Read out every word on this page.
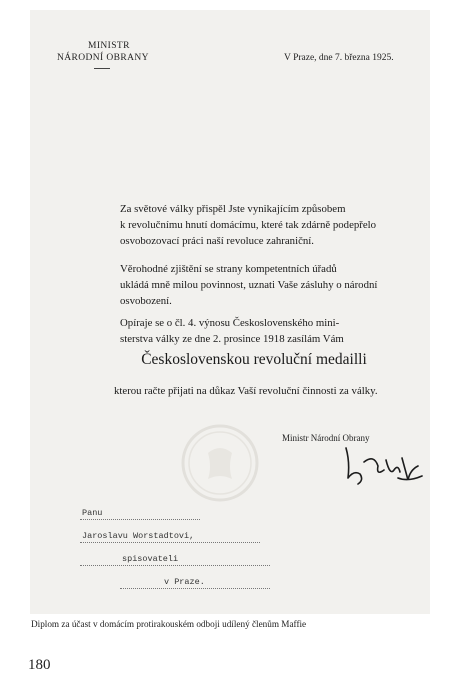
MINISTR
NÁRODNÍ OBRANY	V Praze, dne 7. března 1925.
Za světové války přispěl Jste vynikajícím způsobem
k revolučnímu hnutí domácímu, které tak zdárně podepřelo
osvobozovací práci naší revoluce zahraniční.
Věrohodné zjištění se strany kompetentních úřadů
ukládá mně milou povinnost, uznati Vaše zásluhy o národní
osvobození.
Opíraje se o čl. 4. výnosu Československého mini-
sterstva války ze dne 2. prosince 1918 zasílám Vám
Československou revoluční medailli
kterou račte přijati na důkaz Vaší revoluční činnosti za války.
Ministr Národní Obrany
Panu
Jaroslavu Worstadtovi,
spisovateli
v Praze.
Diplom za účast v domácím protirakouském odboji udílený členům Maffie
180
